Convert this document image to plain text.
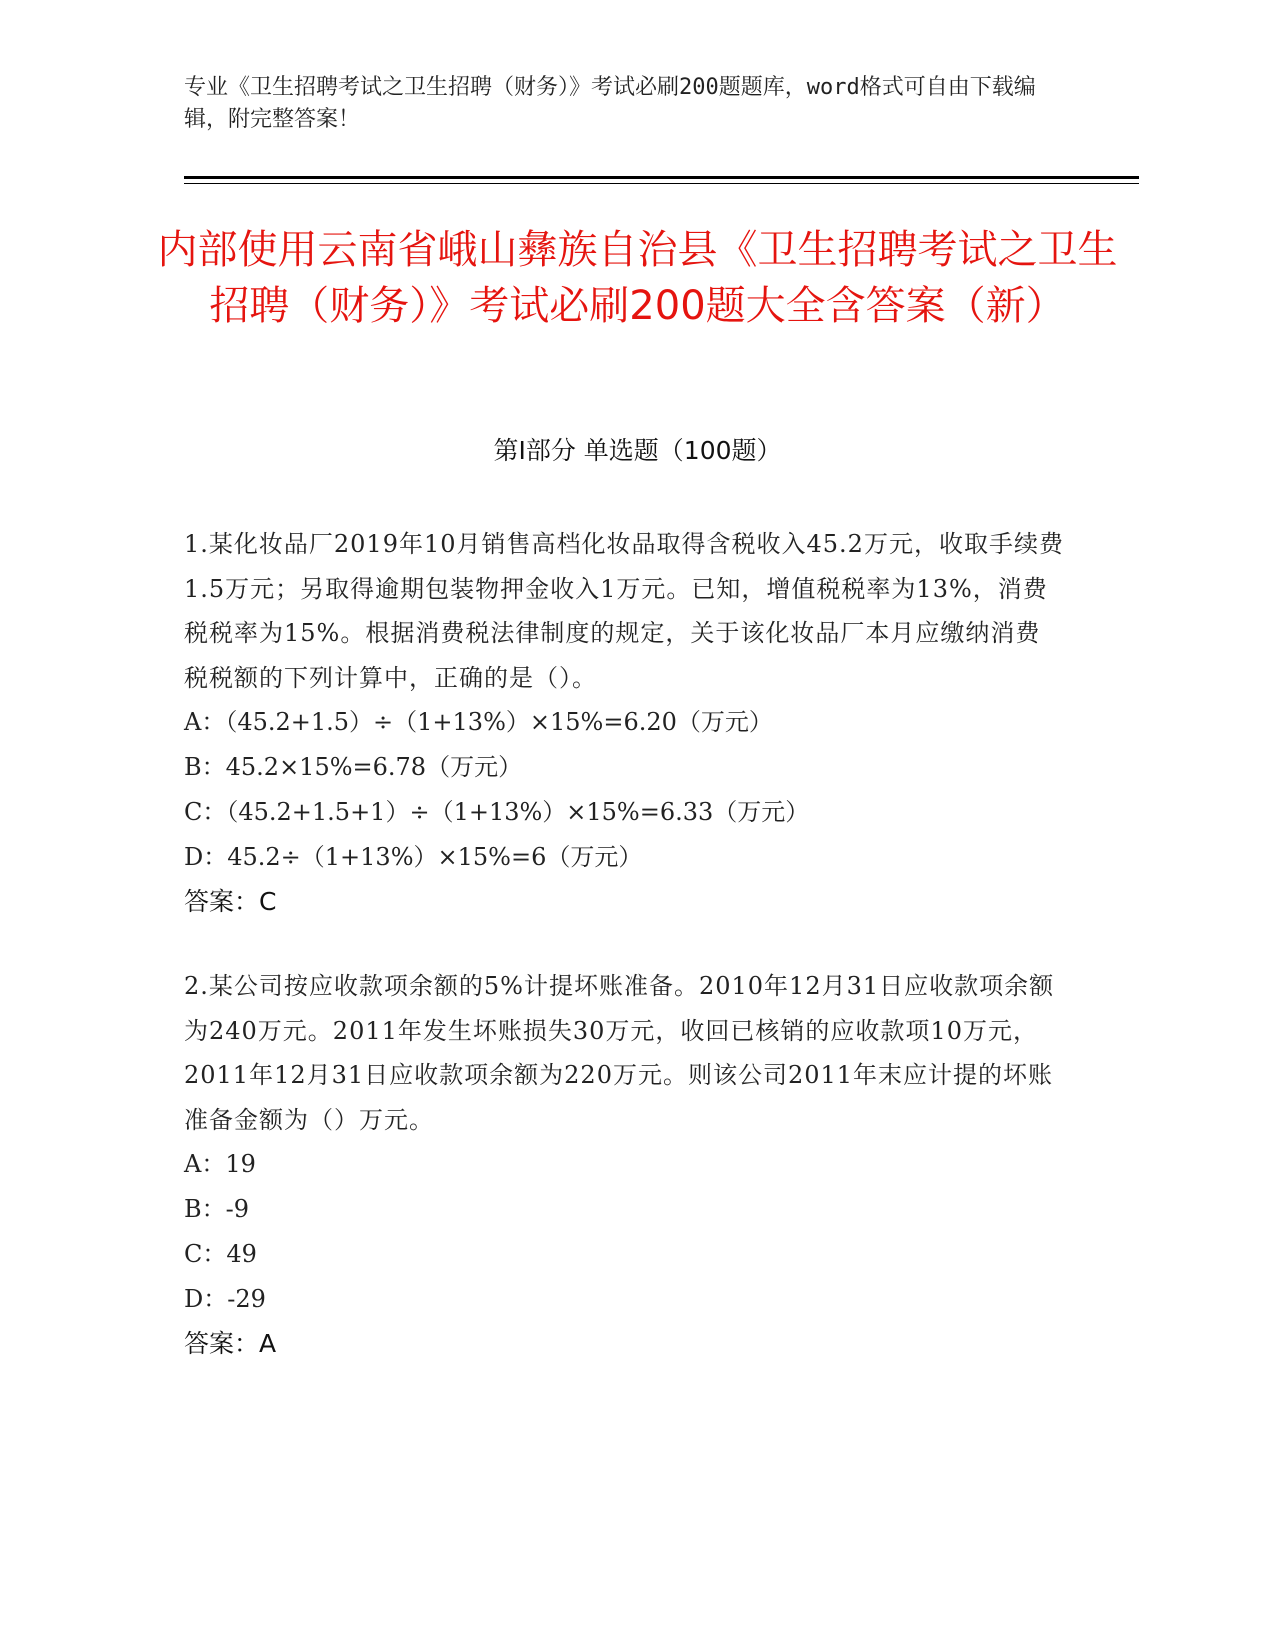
专业《卫生招聘考试之卫生招聘（财务）》考试必刷200题题库，word格式可自由下载编辑，附完整答案！
内部使用云南省峨山彝族自治县《卫生招聘考试之卫生招聘（财务）》考试必刷200题大全含答案（新）
第Ⅰ部分 单选题（100题）
1.某化妆品厂2019年10月销售高档化妆品取得含税收入45.2万元，收取手续费1.5万元；另取得逾期包装物押金收入1万元。已知，增值税税率为13%，消费税税率为15%。根据消费税法律制度的规定，关于该化妆品厂本月应缴纳消费税税额的下列计算中，正确的是（）。
A：（45.2+1.5）÷（1+13%）×15%=6.20（万元）
B：45.2×15%=6.78（万元）
C：（45.2+1.5+1）÷（1+13%）×15%=6.33（万元）
D：45.2÷（1+13%）×15%=6（万元）
答案：C
2.某公司按应收款项余额的5%计提坏账准备。2010年12月31日应收款项余额为240万元。2011年发生坏账损失30万元，收回已核销的应收款项10万元，2011年12月31日应收款项余额为220万元。则该公司2011年末应计提的坏账准备金额为（）万元。
A：19
B：-9
C：49
D：-29
答案：A
